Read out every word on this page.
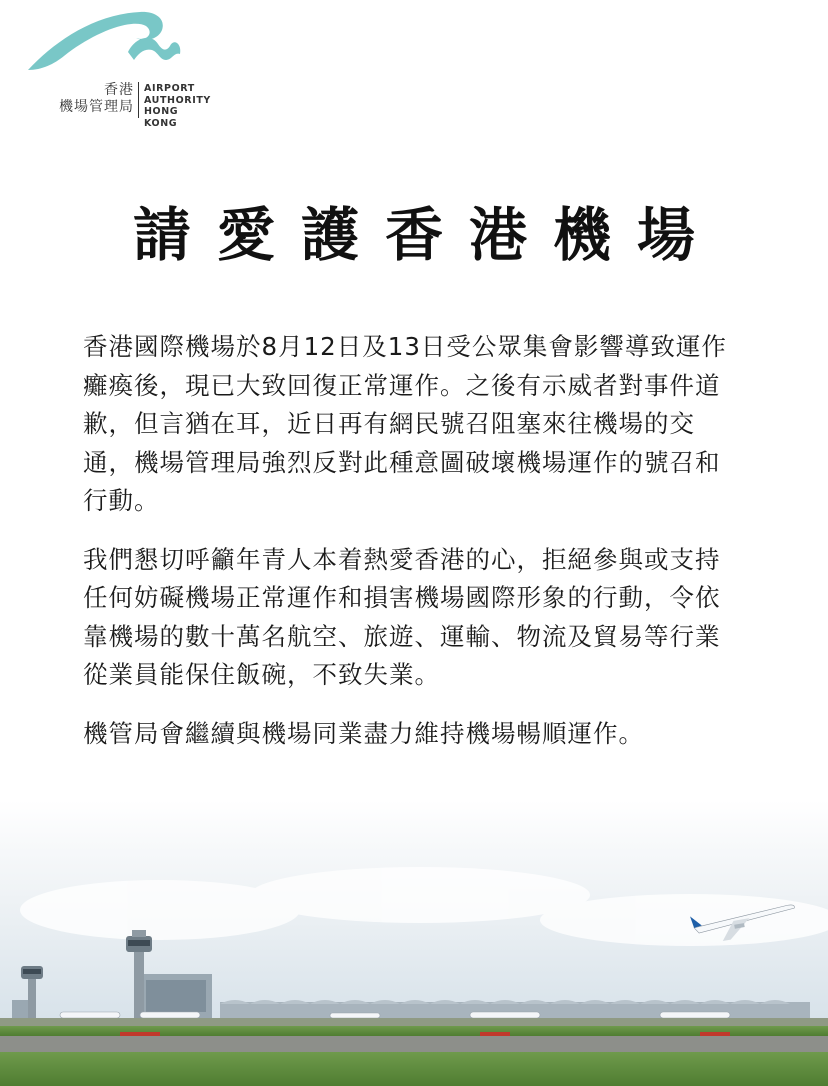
香港
機場管理局
AIRPORT
AUTHORITY
HONG KONG
請愛護香港機場

香港國際機場於8月12日及13日受公眾集會影響導致運作癱瘓後，現已大致回復正常運作。之後有示威者對事件道歉，但言猶在耳，近日再有網民號召阻塞來往機場的交通，機場管理局強烈反對此種意圖破壞機場運作的號召和行動。

我們懇切呼籲年青人本着熱愛香港的心，拒絕參與或支持任何妨礙機場正常運作和損害機場國際形象的行動，令依靠機場的數十萬名航空、旅遊、運輸、物流及貿易等行業從業員能保住飯碗，不致失業。

機管局會繼續與機場同業盡力維持機場暢順運作。
